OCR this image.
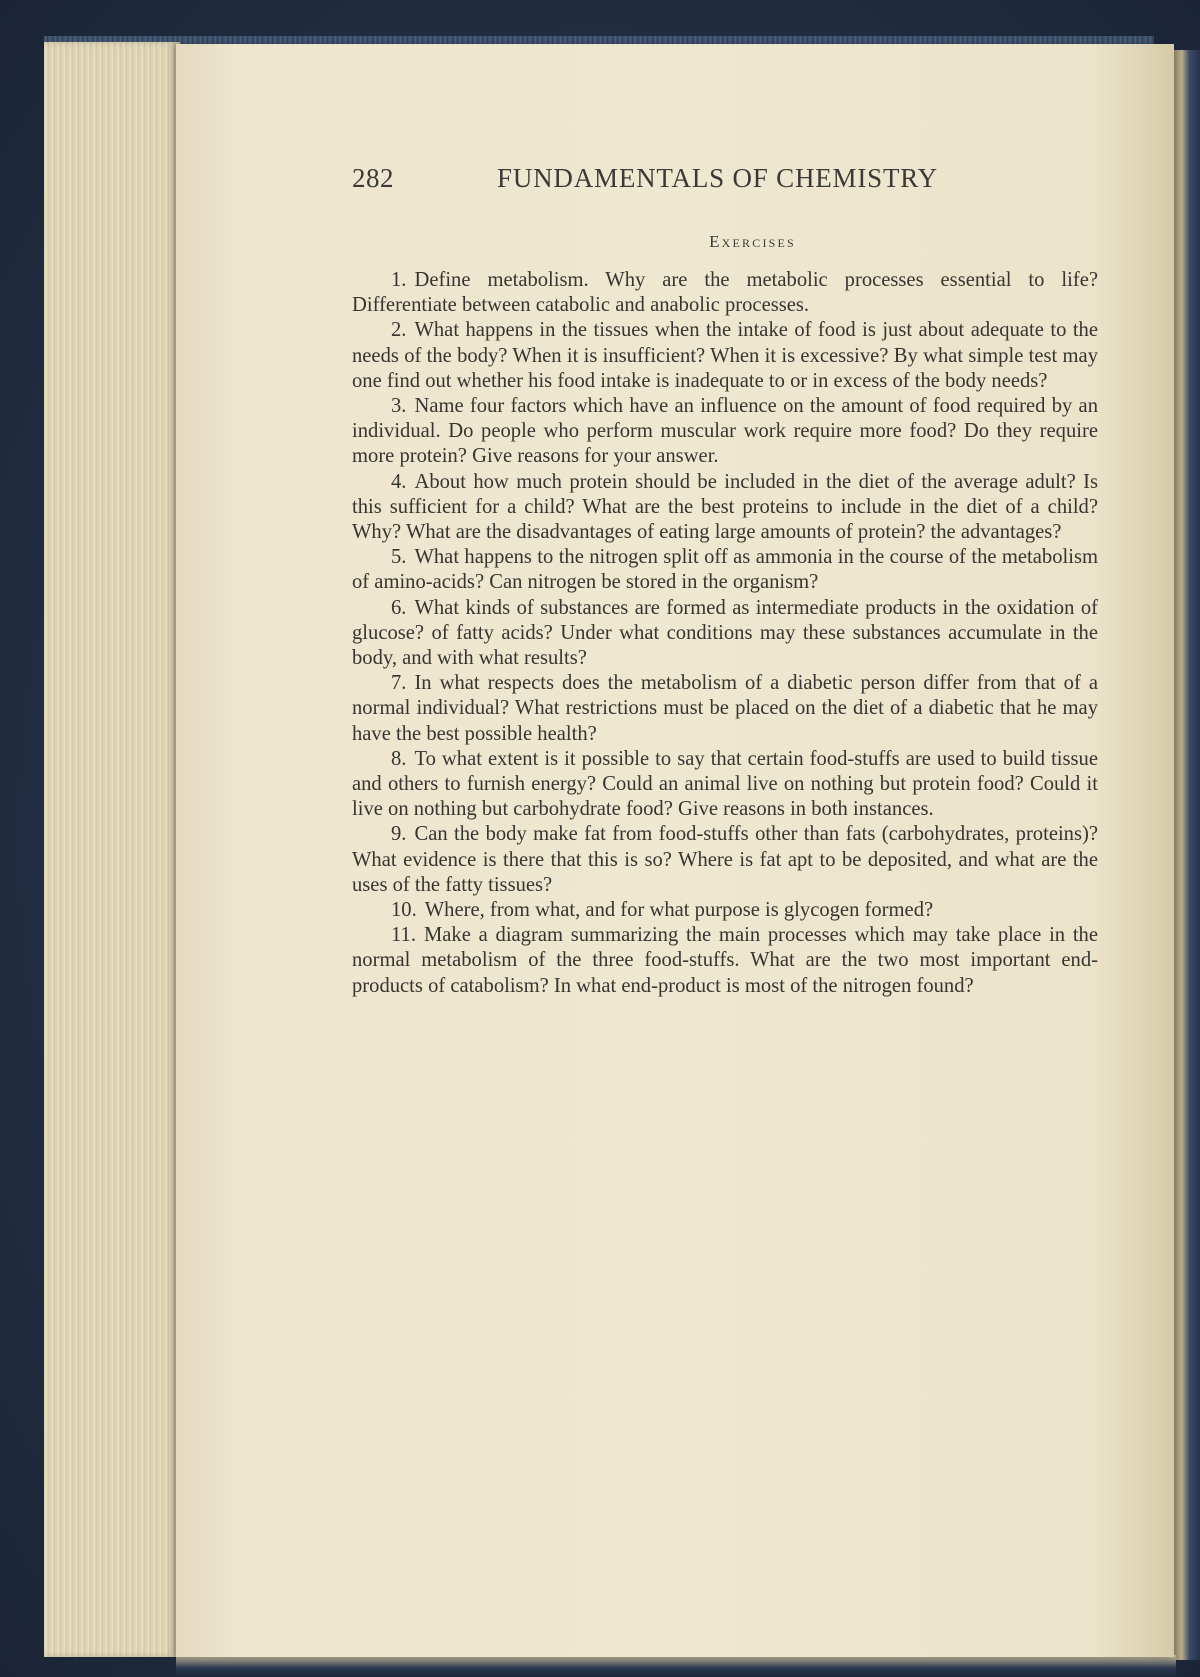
282	FUNDAMENTALS OF CHEMISTRY
Exercises

1. Define metabolism. Why are the metabolic processes essential to life? Differentiate between catabolic and anabolic processes.

2. What happens in the tissues when the intake of food is just about adequate to the needs of the body? When it is insufficient? When it is excessive? By what simple test may one find out whether his food intake is inadequate to or in excess of the body needs?

3. Name four factors which have an influence on the amount of food required by an individual. Do people who perform muscular work require more food? Do they require more protein? Give reasons for your answer.

4. About how much protein should be included in the diet of the average adult? Is this sufficient for a child? What are the best proteins to include in the diet of a child? Why? What are the disadvantages of eating large amounts of protein? the advantages?

5. What happens to the nitrogen split off as ammonia in the course of the metabolism of amino-acids? Can nitrogen be stored in the organism?

6. What kinds of substances are formed as intermediate products in the oxidation of glucose? of fatty acids? Under what conditions may these substances accumulate in the body, and with what results?

7. In what respects does the metabolism of a diabetic person differ from that of a normal individual? What restrictions must be placed on the diet of a diabetic that he may have the best possible health?

8. To what extent is it possible to say that certain food-stuffs are used to build tissue and others to furnish energy? Could an animal live on nothing but protein food? Could it live on nothing but carbohydrate food? Give reasons in both instances.

9. Can the body make fat from food-stuffs other than fats (carbohydrates, proteins)? What evidence is there that this is so? Where is fat apt to be deposited, and what are the uses of the fatty tissues?

10. Where, from what, and for what purpose is glycogen formed?

11. Make a diagram summarizing the main processes which may take place in the normal metabolism of the three food-stuffs. What are the two most important end-products of catabolism? In what end-product is most of the nitrogen found?
